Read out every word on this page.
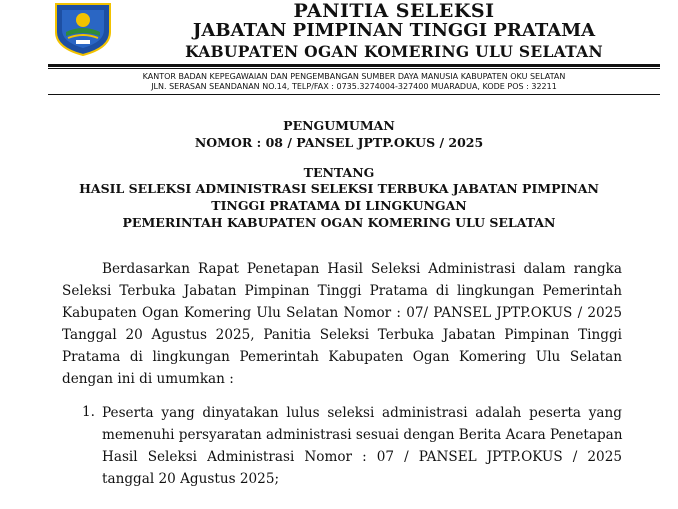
PANITIA SELEKSI
JABATAN PIMPINAN TINGGI PRATAMA
KABUPATEN OGAN KOMERING ULU SELATAN
KANTOR BADAN KEPEGAWAIAN DAN PENGEMBANGAN SUMBER DAYA MANUSIA KABUPATEN OKU SELATAN
JLN. SERASAN SEANDANAN NO.14, TELP/FAX : 0735.3274004-327400 MUARADUA, KODE POS : 32211
PENGUMUMAN
NOMOR : 08 / PANSEL JPTP.OKUS / 2025
TENTANG
HASIL SELEKSI ADMINISTRASI SELEKSI TERBUKA JABATAN PIMPINAN
TINGGI PRATAMA DI LINGKUNGAN
PEMERINTAH KABUPATEN OGAN KOMERING ULU SELATAN
Berdasarkan Rapat Penetapan Hasil Seleksi Administrasi dalam rangka
Seleksi Terbuka Jabatan Pimpinan Tinggi Pratama di lingkungan Pemerintah
Kabupaten Ogan Komering Ulu Selatan Nomor : 07/ PANSEL JPTP.OKUS / 2025
Tanggal 20 Agustus 2025, Panitia Seleksi Terbuka Jabatan Pimpinan Tinggi
Pratama di lingkungan Pemerintah Kabupaten Ogan Komering Ulu Selatan
dengan ini di umumkan :
1. Peserta yang dinyatakan lulus seleksi administrasi adalah peserta yang
memenuhi persyaratan administrasi sesuai dengan Berita Acara Penetapan
Hasil Seleksi Administrasi Nomor : 07 / PANSEL JPTP.OKUS / 2025
tanggal 20 Agustus 2025;
